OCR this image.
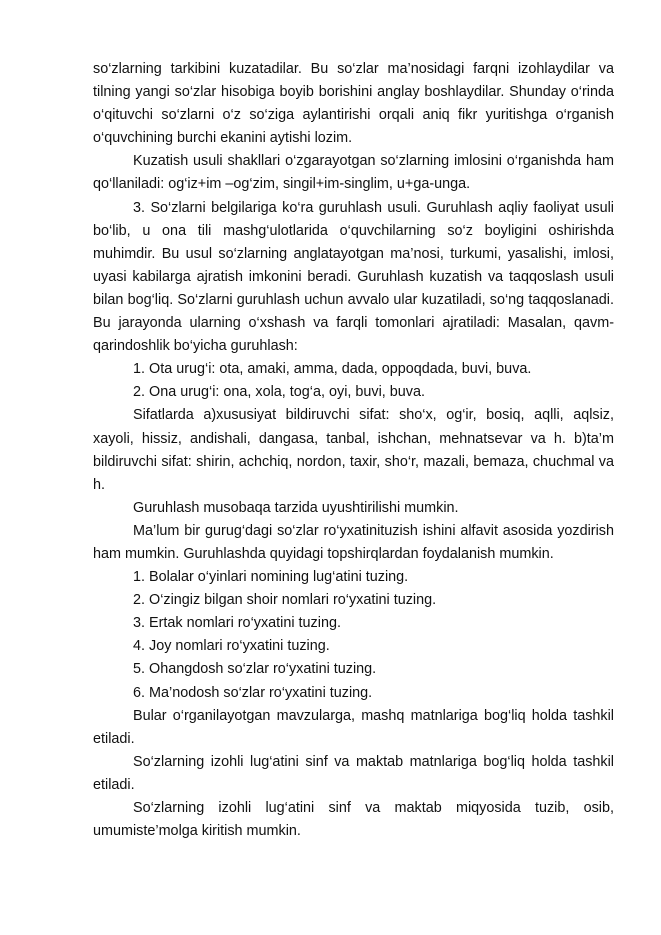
so‘zlarning tarkibini kuzatadilar. Bu so‘zlar ma’nosidagi farqni izohlaydilar va tilning yangi so‘zlar hisobiga boyib borishini anglay boshlaydilar. Shunday o‘rinda o‘qituvchi so‘zlarni o‘z so‘ziga aylantirishi orqali aniq fikr yuritishga o‘rganish o‘quvchining burchi ekanini aytishi lozim.

Kuzatish usuli shakllari o‘zgarayotgan so‘zlarning imlosini o‘rganishda ham qo‘llaniladi: og‘iz+im –og‘zim, singil+im-singlim, u+ga-unga.

3. So‘zlarni belgilariga ko‘ra guruhlash usuli. Guruhlash aqliy faoliyat usuli bo‘lib, u ona tili mashg‘ulotlarida o‘quvchilarning so‘z boyligini oshirishda muhimdir. Bu usul so‘zlarning anglatayotgan ma’nosi, turkumi, yasalishi, imlosi, uyasi kabilarga ajratish imkonini beradi. Guruhlash kuzatish va taqqoslash usuli bilan bog‘liq. So‘zlarni guruhlash uchun avvalo ular kuzatiladi, so‘ng taqqoslanadi. Bu jarayonda ularning o‘xshash va farqli tomonlari ajratiladi: Masalan, qavm-qarindoshlik bo‘yicha guruhlash:

1. Ota urug‘i: ota, amaki, amma, dada, oppoqdada, buvi, buva.

2. Ona urug‘i: ona, xola, tog‘a, oyi, buvi, buva.

Sifatlarda a)xususiyat bildiruvchi sifat: sho‘x, og‘ir, bosiq, aqlli, aqlsiz, xayoli, hissiz, andishali, dangasa, tanbal, ishchan, mehnatsevar va h. b)ta’m bildiruvchi sifat: shirin, achchiq, nordon, taxir, sho‘r, mazali, bemaza, chuchmal va h.

Guruhlash musobaqa tarzida uyushtirilishi mumkin.

Ma’lum bir gurug‘dagi so‘zlar ro‘yxatinituzish ishini alfavit asosida yozdirish ham mumkin. Guruhlashda quyidagi topshirqlardan foydalanish mumkin.

1. Bolalar o‘yinlari nomining lug‘atini tuzing.

2. O‘zingiz bilgan shoir nomlari ro‘yxatini tuzing.

3. Ertak nomlari ro‘yxatini tuzing.

4. Joy nomlari ro‘yxatini tuzing.

5. Ohangdosh so‘zlar ro‘yxatini tuzing.

6. Ma’nodosh so‘zlar ro‘yxatini tuzing.

Bular o‘rganilayotgan mavzularga, mashq matnlariga bog‘liq holda tashkil etiladi.

So‘zlarning izohli lug‘atini sinf va maktab matnlariga bog‘liq holda tashkil etiladi.

So‘zlarning izohli lug‘atini sinf va maktab miqyosida tuzib, osib, umumiste’molga kiritish mumkin.
